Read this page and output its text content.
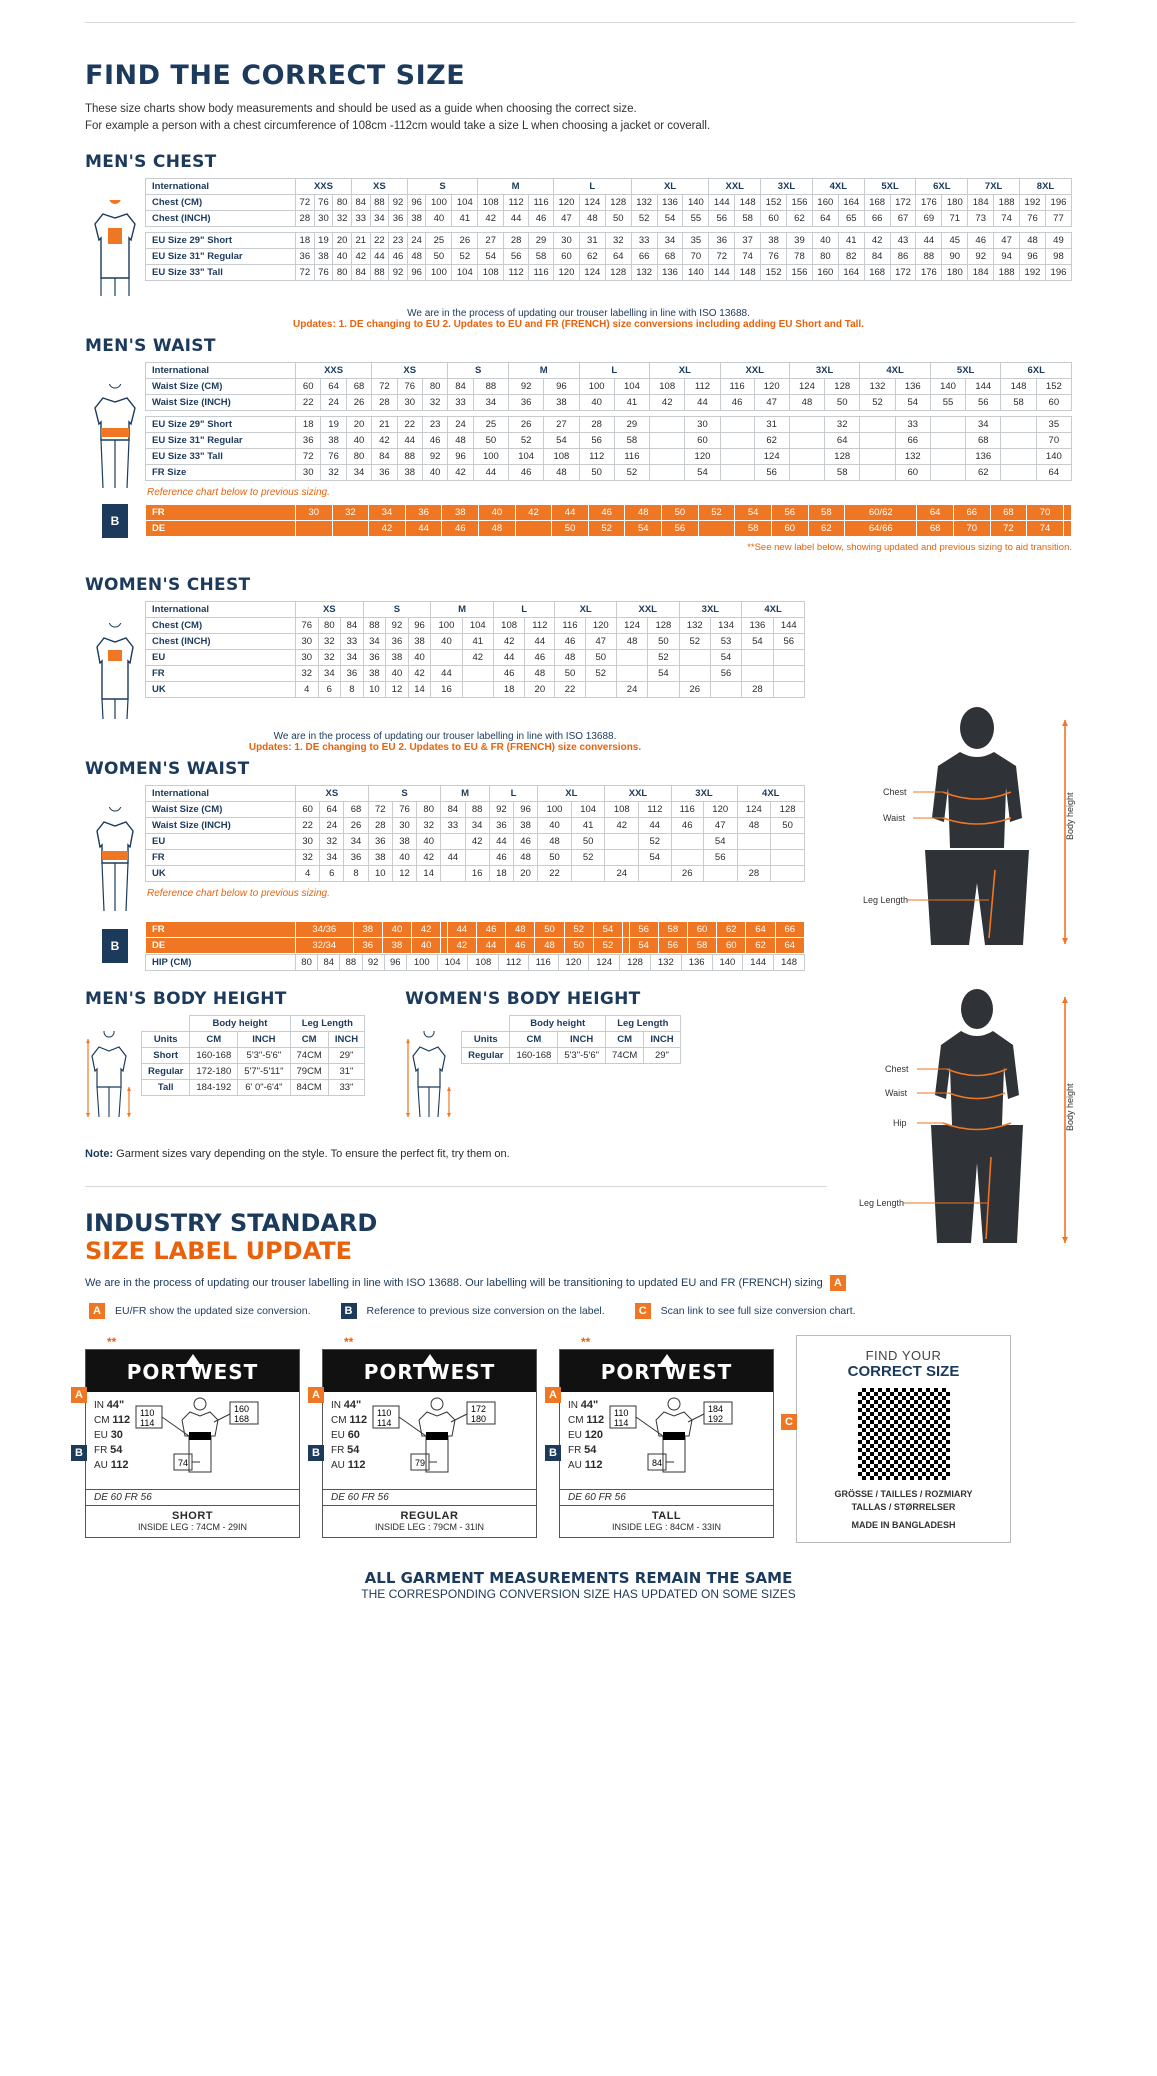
FIND THE CORRECT SIZE
These size charts show body measurements and should be used as a guide when choosing the correct size.
For example a person with a chest circumference of 108cm -112cm would take a size L when choosing a jacket or coverall.
MEN'S CHEST
International	XXS			XS			S			M			L			XL			XXL		3XL		4XL		5XL		6XL		7XL		8XL	
Chest (CM)	72	76	80	84	88	92	96	100	104	108	112	116	120	124	128	132	136	140	144	148	152	156	160	164	168	172	176	180	184	188	192	196
Chest (INCH)	28	30	32	33	34	36	38	40	41	42	44	46	47	48	50	52	54	55	56	58	60	62	64	65	66	67	69	71	73	74	76	77

EU Size 29" Short	18	19	20	21	22	23	24	25	26	27	28	29	30	31	32	33	34	35	36	37	38	39	40	41	42	43	44	45	46	47	48	49
EU Size 31" Regular	36	38	40	42	44	46	48	50	52	54	56	58	60	62	64	66	68	70	72	74	76	78	80	82	84	86	88	90	92	94	96	98
EU Size 33" Tall	72	76	80	84	88	92	96	100	104	108	112	116	120	124	128	132	136	140	144	148	152	156	160	164	168	172	176	180	184	188	192	196
We are in the process of updating our trouser labelling in line with ISO 13688.
Updates: 1. DE changing to EU 2. Updates to EU and FR (FRENCH) size conversions including adding EU Short and Tall.
MEN'S WAIST
International	XXS			XS			S		M		L		XL		XXL		3XL		4XL		5XL		6XL	
Waist Size (CM)	60	64	68	72	76	80	84	88	92	96	100	104	108	112	116	120	124	128	132	136	140	144	148	152
Waist Size (INCH)	22	24	26	28	30	32	33	34	36	38	40	41	42	44	46	47	48	50	52	54	55	56	58	60

EU Size 29" Short	18	19	20	21	22	23	24	25	26	27	28	29		30		31		32		33		34		35
EU Size 31" Regular	36	38	40	42	44	46	48	50	52	54	56	58		60		62		64		66		68		70
EU Size 33" Tall	72	76	80	84	88	92	96	100	104	108	112	116		120		124		128		132		136		140
FR Size	30	32	34	36	38	40	42	44	46	48	50	52		54		56		58		60		62		64
Reference chart below to previous sizing.
B
FR	30	32	34	36	38	40	42	44	46	48	50	52	54	56	58	60/62	64	66	68	70	
DE			42	44	46	48		50	52	54	56		58	60	62	64/66	68	70	72	74	
**See new label below, showing updated and previous sizing to aid transition.
WOMEN'S CHEST
International	XS			S			M		L		XL		XXL		3XL		4XL	
Chest (CM)	76	80	84	88	92	96	100	104	108	112	116	120	124	128	132	134	136	144
Chest (INCH)	30	32	33	34	36	38	40	41	42	44	46	47	48	50	52	53	54	56
EU	30	32	34	36	38	40		42	44	46	48	50		52		54		
FR	32	34	36	38	40	42	44		46	48	50	52		54		56		
UK	4	6	8	10	12	14	16		18	20	22		24		26		28	
We are in the process of updating our trouser labelling in line with ISO 13688.
Updates: 1. DE changing to EU 2. Updates to EU & FR (FRENCH) size conversions.
WOMEN'S WAIST
International	XS			S			M		L		XL		XXL		3XL		4XL	
Waist Size (CM)	60	64	68	72	76	80	84	88	92	96	100	104	108	112	116	120	124	128
Waist Size (INCH)	22	24	26	28	30	32	33	34	36	38	40	41	42	44	46	47	48	50
EU	30	32	34	36	38	40		42	44	46	48	50		52		54		
FR	32	34	36	38	40	42	44		46	48	50	52		54		56		
UK	4	6	8	10	12	14		16	18	20	22		24		26		28	
Reference chart below to previous sizing.
B
FR	34/36	38	40	42		44	46	48	50	52	54		56	58	60	62	64	66
DE	32/34	36	38	40		42	44	46	48	50	52		54	56	58	60	62	64
HIP (CM)	80	84	88	92	96	100	104	108	112	116	120	124	128	132	136	140	144	148
MEN'S BODY HEIGHT
	Body height		Leg Length	
Units	CM	INCH	CM	INCH
Short	160-168	5'3"-5'6"	74CM	29"
Regular	172-180	5'7"-5'11"	79CM	31"
Tall	184-192	6' 0"-6'4"	84CM	33"
WOMEN'S BODY HEIGHT
	Body height		Leg Length	
Units	CM	INCH	CM	INCH
Regular	160-168	5'3"-5'6"	74CM	29"
Note: Garment sizes vary depending on the style. To ensure the perfect fit, try them on.
INDUSTRY STANDARD
SIZE LABEL UPDATE
We are in the process of updating our trouser labelling in line with ISO 13688. Our labelling will be transitioning to updated EU and FR (FRENCH) sizing A
A	EU/FR show the updated size conversion.	B	Reference to previous size conversion on the label.	C	Scan link to see full size conversion chart.
**
PORTWEST
IN 44"
CM 112
EU 30
FR 54
AU 112
110
114
160
168
74
DE 60 FR 56
SHORT
INSIDE LEG : 74CM - 29IN
A
B
**
PORTWEST
IN 44"
CM 112
EU 60
FR 54
AU 112
110
114
172
180
79
DE 60 FR 56
REGULAR
INSIDE LEG : 79CM - 31IN
A
B
**
PORTWEST
IN 44"
CM 112
EU 120
FR 54
AU 112
110
114
184
192
84
DE 60 FR 56
TALL
INSIDE LEG : 84CM - 33IN
A
B
C
FIND YOUR
CORRECT SIZE
GRÖSSE / TAILLES / ROZMIARY
TALLAS / STØRRELSER
MADE IN BANGLADESH
ALL GARMENT MEASUREMENTS REMAIN THE SAME
THE CORRESPONDING CONVERSION SIZE HAS UPDATED ON SOME SIZES
Chest
Waist
Leg Length
Body height

Chest
Waist
Hip
Leg Length
Body height
